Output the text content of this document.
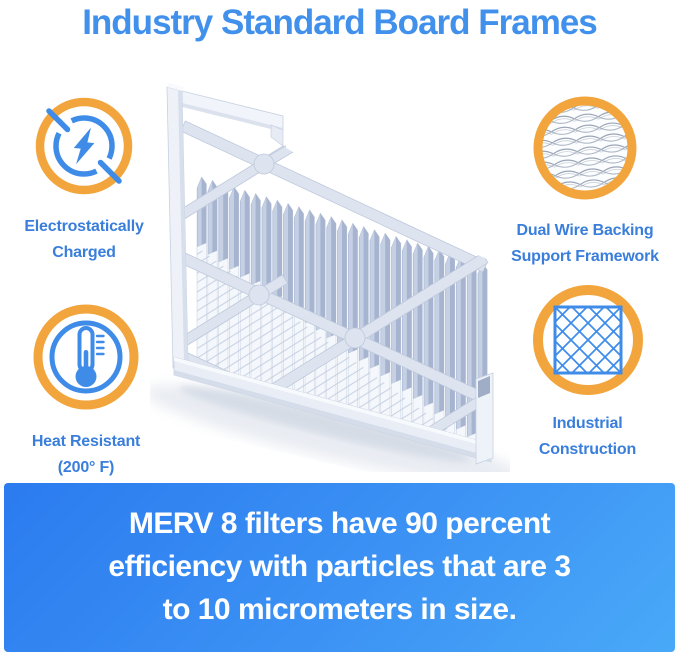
Industry Standard Board Frames
Electrostatically
Charged
Dual Wire Backing
Support Framework
Heat Resistant
(200° F)
Industrial
Construction

MERV 8 filters have 90 percent
efficiency with particles that are 3
to 10 micrometers in size.
